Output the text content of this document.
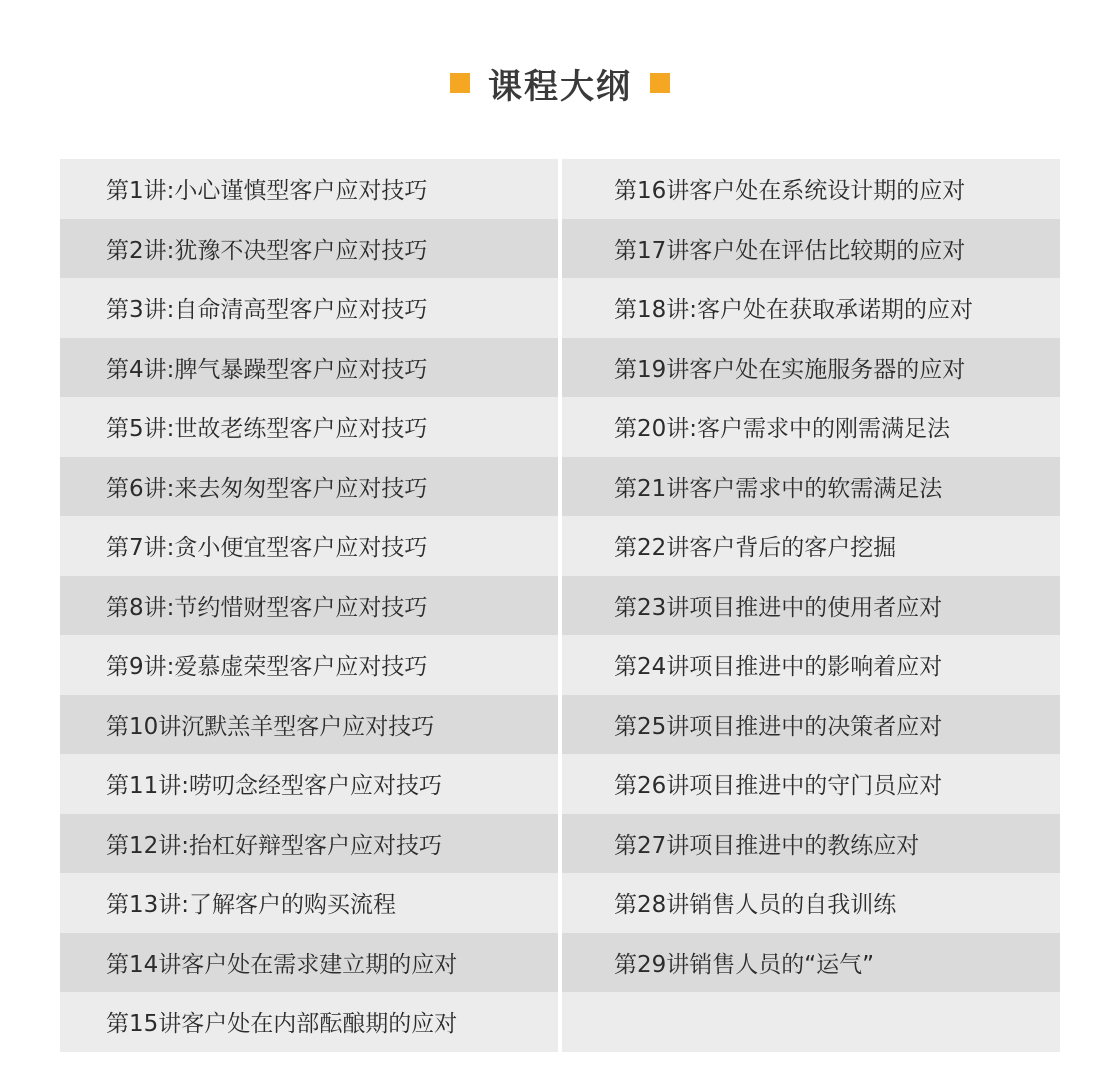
课程大纲
第1讲:小心谨慎型客户应对技巧
第2讲:犹豫不决型客户应对技巧
第3讲:自命清高型客户应对技巧
第4讲:脾气暴躁型客户应对技巧
第5讲:世故老练型客户应对技巧
第6讲:来去匆匆型客户应对技巧
第7讲:贪小便宜型客户应对技巧
第8讲:节约惜财型客户应对技巧
第9讲:爱慕虚荣型客户应对技巧
第10讲沉默羔羊型客户应对技巧
第11讲:唠叨念经型客户应对技巧
第12讲:抬杠好辩型客户应对技巧
第13讲:了解客户的购买流程
第14讲客户处在需求建立期的应对
第15讲客户处在内部酝酿期的应对
第16讲客户处在系统设计期的应对
第17讲客户处在评估比较期的应对
第18讲:客户处在获取承诺期的应对
第19讲客户处在实施服务器的应对
第20讲:客户需求中的刚需满足法
第21讲客户需求中的软需满足法
第22讲客户背后的客户挖掘
第23讲项目推进中的使用者应对
第24讲项目推进中的影响着应对
第25讲项目推进中的决策者应对
第26讲项目推进中的守门员应对
第27讲项目推进中的教练应对
第28讲销售人员的自我训练
第29讲销售人员的“运气”
